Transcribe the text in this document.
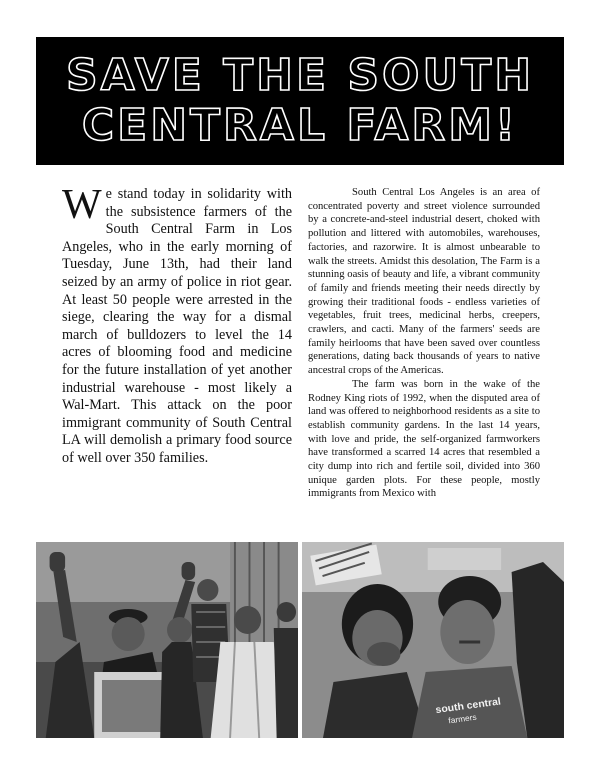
SAVE THE SOUTH
CENTRAL FARM!

We stand today in solidarity with the subsistence farmers of the South Central Farm in Los Angeles, who in the early morning of Tuesday, June 13th, had their land seized by an army of police in riot gear. At least 50 people were arrested in the siege, clearing the way for a dismal march of bulldozers to level the 14 acres of blooming food and medicine for the future installation of yet another industrial warehouse - most likely a Wal-Mart. This attack on the poor immigrant community of South Central LA will demolish a primary food source of well over 350 families.

South Central Los Angeles is an area of concentrated poverty and street violence surrounded by a concrete-and-steel industrial desert, choked with pollution and littered with automobiles, warehouses, factories, and razorwire. It is almost unbearable to walk the streets. Amidst this desolation, The Farm is a stunning oasis of beauty and life, a vibrant community of family and friends meeting their needs directly by growing their traditional foods - endless varieties of vegetables, fruit trees, medicinal herbs, creepers, crawlers, and cacti. Many of the farmers' seeds are family heirlooms that have been saved over countless generations, dating back thousands of years to native ancestral crops of the Americas.

The farm was born in the wake of the Rodney King riots of 1992, when the disputed area of land was offered to neighborhood residents as a site to establish community gardens. In the last 14 years, with love and pride, the self-organized farmworkers have transformed a scarred 14 acres that resembled a city dump into rich and fertile soil, divided into 360 unique garden plots. For these people, mostly immigrants from Mexico with

south central
farmers
